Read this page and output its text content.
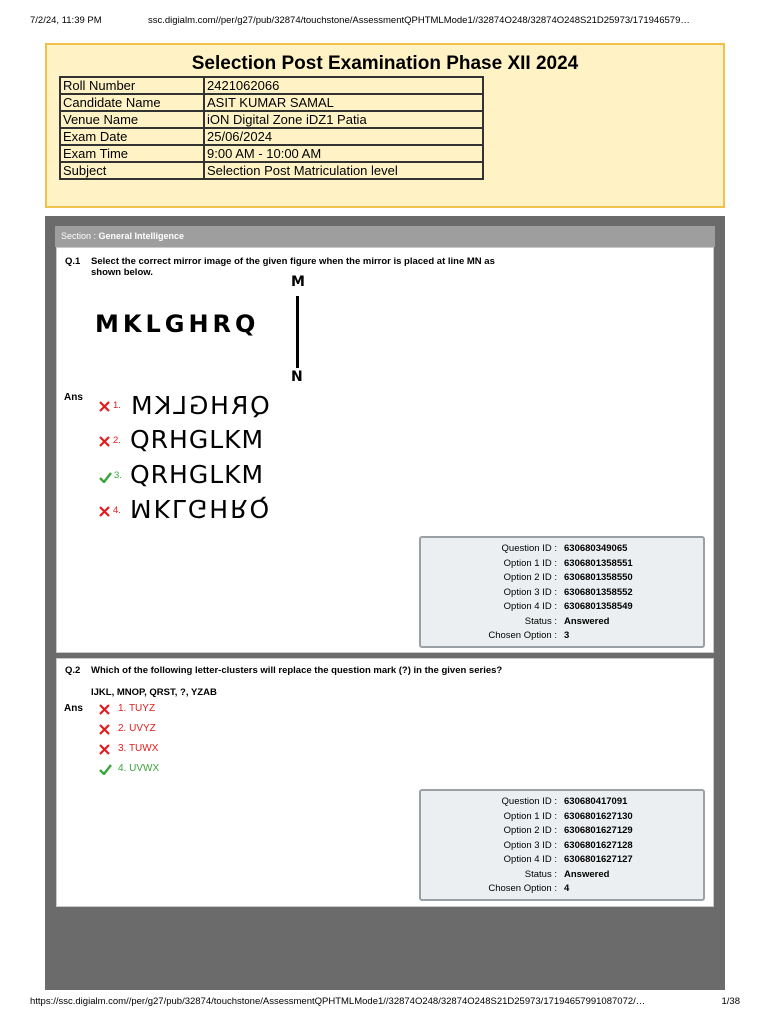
7/2/24, 11:39 PM	ssc.digialm.com//per/g27/pub/32874/touchstone/AssessmentQPHTMLMode1//32874O248/32874O248S21D25973/171946579…
Selection Post Examination Phase XII 2024
Roll Number	2421062066
Candidate Name	ASIT KUMAR SAMAL
Venue Name	iON Digital Zone iDZ1 Patia
Exam Date	25/06/2024
Exam Time	9:00 AM - 10:00 AM
Subject	Selection Post Matriculation level
Section : General Intelligence
Q.1 Select the correct mirror image of the given figure when the mirror is placed at line MN as shown below.
M
N
MKLGHRQ
Ans
1. MKLGHRQ
2. QRHGLKM
3. QRHGLKM
4. MKLGHRQ
Question ID : 630680349065
Option 1 ID : 6306801358551
Option 2 ID : 6306801358550
Option 3 ID : 6306801358552
Option 4 ID : 6306801358549
Status : Answered
Chosen Option : 3
Q.2 Which of the following letter-clusters will replace the question mark (?) in the given series?
IJKL, MNOP, QRST, ?, YZAB
Ans	1. TUYZ
2. UVYZ
3. TUWX
4. UVWX
Question ID : 630680417091
Option 1 ID : 6306801627130
Option 2 ID : 6306801627129
Option 3 ID : 6306801627128
Option 4 ID : 6306801627127
Status : Answered
Chosen Option : 4
https://ssc.digialm.com//per/g27/pub/32874/touchstone/AssessmentQPHTMLMode1//32874O248/32874O248S21D25973/17194657991087072/…	1/38
